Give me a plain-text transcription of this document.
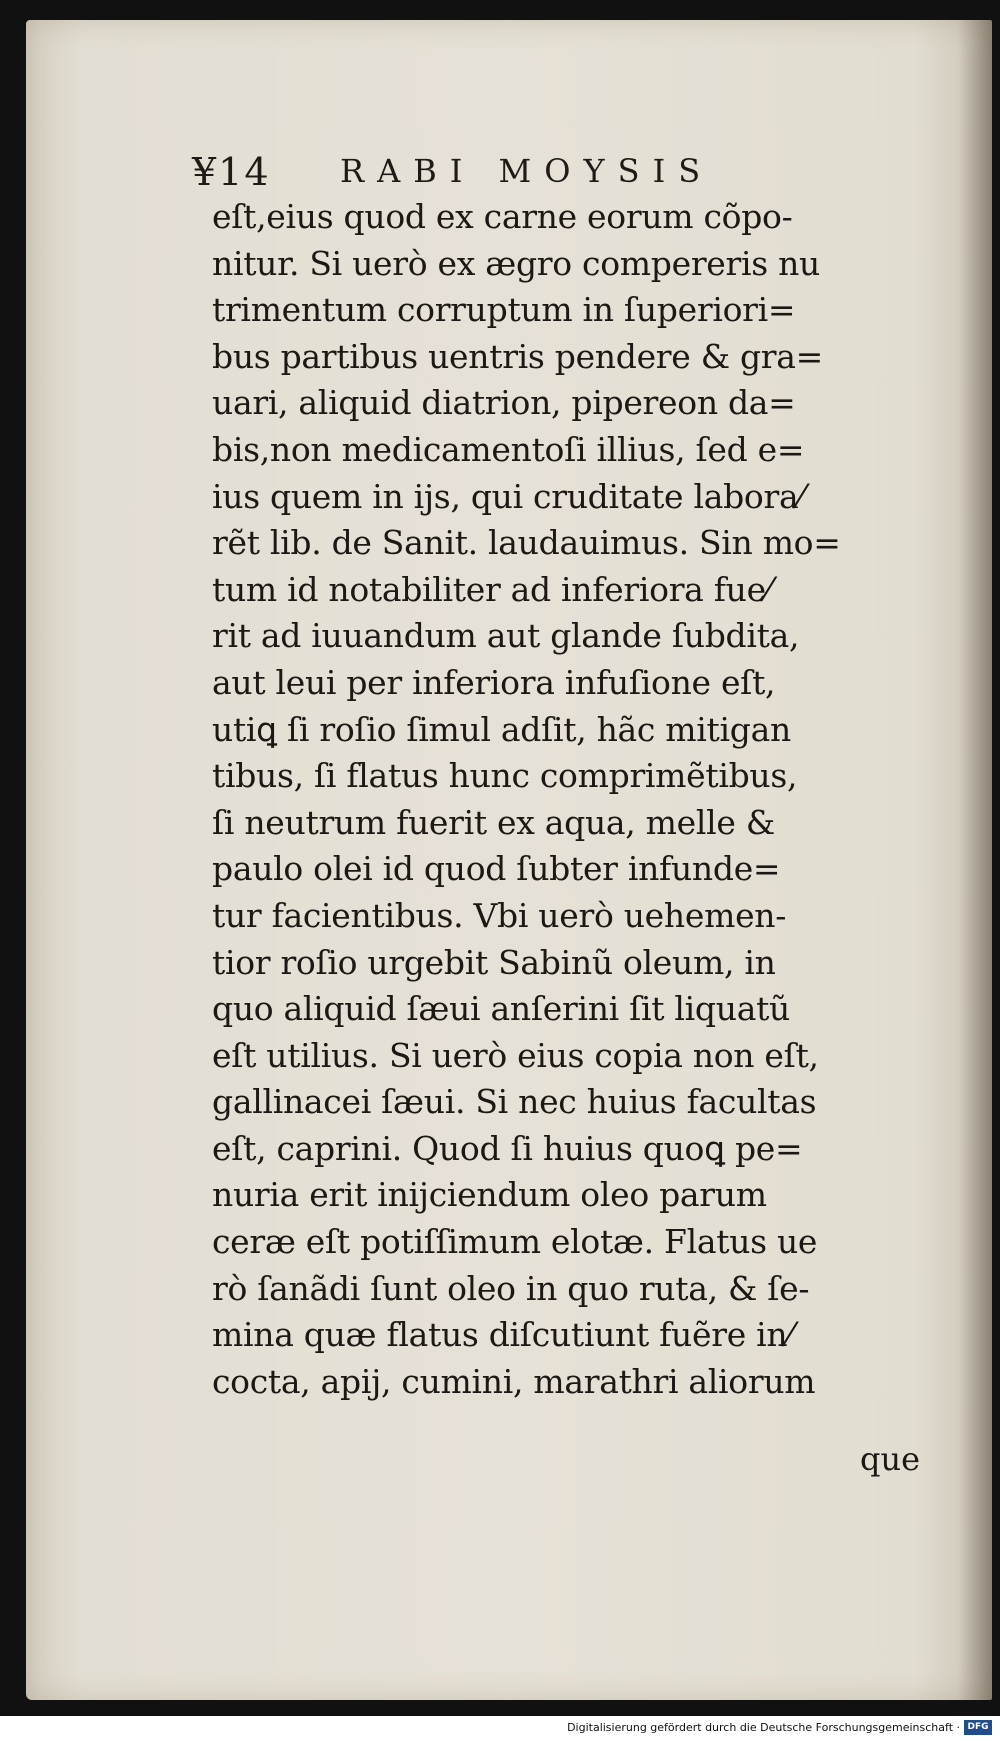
¥14 RABI MOYSIS
eſt,eius quod ex carne eorum cõpo-
nitur. Si uerò ex ægro compereris nu
trimentum corruptum in ſuperiori=
bus partibus uentris pendere & gra=
uari, aliquid diatrion, pipereon da=
bis,non medicamentoſi illius, ſed e=
ius quem in ijs, qui cruditate labora⁄
rẽt lib. de Sanit. laudauimus. Sin mo=
tum id notabiliter ad inferiora fue⁄
rit ad iuuandum aut glande ſubdita,
aut leui per inferiora infuſione eſt,
utiꝗ ſi roſio ſimul adſit, hãc mitigan
tibus, ſi flatus hunc comprimẽtibus,
ſi neutrum fuerit ex aqua, melle &
paulo olei id quod ſubter infunde=
tur facientibus. Vbi uerò uehemen-
tior roſio urgebit Sabinũ oleum, in
quo aliquid ſæui anſerini ſit liquatũ
eſt utilius. Si uerò eius copia non eſt,
gallinacei ſæui. Si nec huius facultas
eſt, caprini. Quod ſi huius quoꝗ pe=
nuria erit inijciendum oleo parum
ceræ eſt potiſſimum elotæ. Flatus ue
rò ſanãdi ſunt oleo in quo ruta, & ſe-
mina quæ flatus diſcutiunt fuẽre in⁄
cocta, apij, cumini, marathri aliorum
que
Digitalisierung gefördert durch die Deutsche Forschungsgemeinschaft · DFG
